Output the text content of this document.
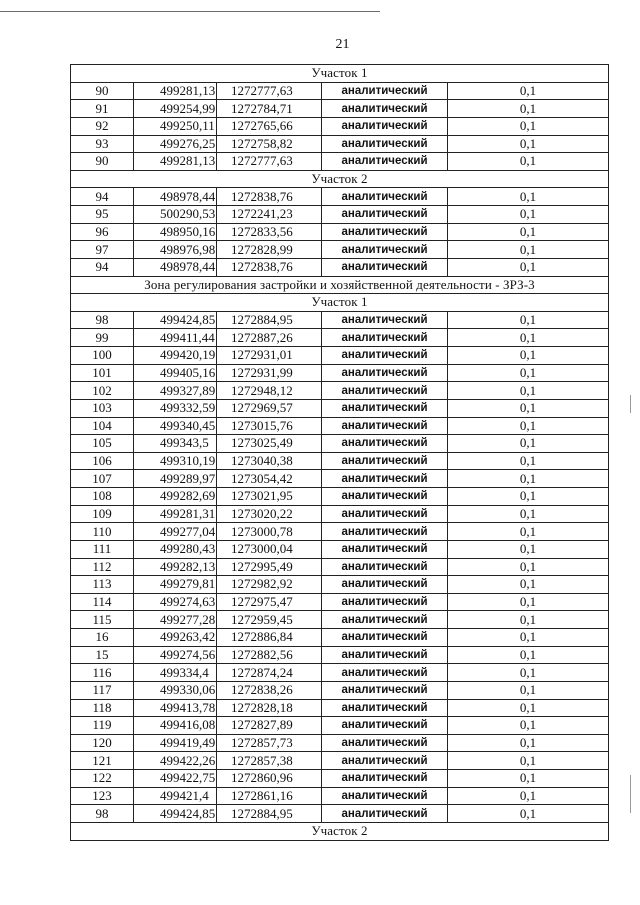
21
Участок 1				
90	499281,13	1272777,63	аналитический	0,1
91	499254,99	1272784,71	аналитический	0,1
92	499250,11	1272765,66	аналитический	0,1
93	499276,25	1272758,82	аналитический	0,1
90	499281,13	1272777,63	аналитический	0,1
Участок 2				
94	498978,44	1272838,76	аналитический	0,1
95	500290,53	1272241,23	аналитический	0,1
96	498950,16	1272833,56	аналитический	0,1
97	498976,98	1272828,99	аналитический	0,1
94	498978,44	1272838,76	аналитический	0,1
Зона регулирования застройки и хозяйственной деятельности - ЗРЗ-3				
Участок 1				
98	499424,85	1272884,95	аналитический	0,1
99	499411,44	1272887,26	аналитический	0,1
100	499420,19	1272931,01	аналитический	0,1
101	499405,16	1272931,99	аналитический	0,1
102	499327,89	1272948,12	аналитический	0,1
103	499332,59	1272969,57	аналитический	0,1
104	499340,45	1273015,76	аналитический	0,1
105	499343,5	1273025,49	аналитический	0,1
106	499310,19	1273040,38	аналитический	0,1
107	499289,97	1273054,42	аналитический	0,1
108	499282,69	1273021,95	аналитический	0,1
109	499281,31	1273020,22	аналитический	0,1
110	499277,04	1273000,78	аналитический	0,1
111	499280,43	1273000,04	аналитический	0,1
112	499282,13	1272995,49	аналитический	0,1
113	499279,81	1272982,92	аналитический	0,1
114	499274,63	1272975,47	аналитический	0,1
115	499277,28	1272959,45	аналитический	0,1
16	499263,42	1272886,84	аналитический	0,1
15	499274,56	1272882,56	аналитический	0,1
116	499334,4	1272874,24	аналитический	0,1
117	499330,06	1272838,26	аналитический	0,1
118	499413,78	1272828,18	аналитический	0,1
119	499416,08	1272827,89	аналитический	0,1
120	499419,49	1272857,73	аналитический	0,1
121	499422,26	1272857,38	аналитический	0,1
122	499422,75	1272860,96	аналитический	0,1
123	499421,4	1272861,16	аналитический	0,1
98	499424,85	1272884,95	аналитический	0,1
Участок 2				
